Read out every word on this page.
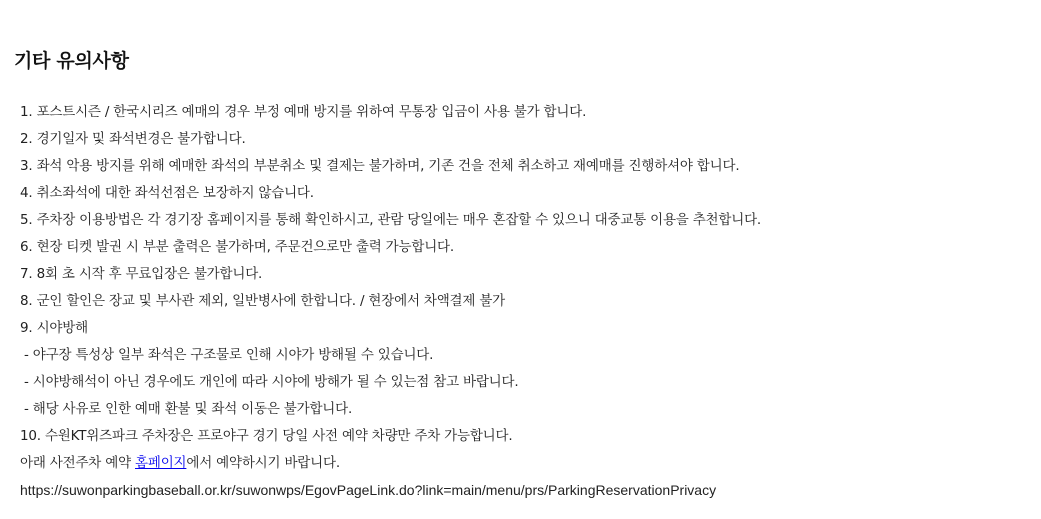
기타 유의사항
1. 포스트시즌 / 한국시리즈 예매의 경우 부정 예매 방지를 위하여 무통장 입금이 사용 불가 합니다.
2. 경기일자 및 좌석변경은 불가합니다.
3. 좌석 악용 방지를 위해 예매한 좌석의 부분취소 및 결제는 불가하며, 기존 건을 전체 취소하고 재예매를 진행하셔야 합니다.
4. 취소좌석에 대한 좌석선점은 보장하지 않습니다.
5. 주차장 이용방법은 각 경기장 홈페이지를 통해 확인하시고, 관람 당일에는 매우 혼잡할 수 있으니 대중교통 이용을 추천합니다.
6. 현장 티켓 발권 시 부분 출력은 불가하며, 주문건으로만 출력 가능합니다.
7. 8회 초 시작 후 무료입장은 불가합니다.
8. 군인 할인은 장교 및 부사관 제외, 일반병사에 한합니다. / 현장에서 차액결제 불가
9. 시야방해
- 야구장 특성상 일부 좌석은 구조물로 인해 시야가 방해될 수 있습니다.
- 시야방해석이 아닌 경우에도 개인에 따라 시야에 방해가 될 수 있는점 참고 바랍니다.
- 해당 사유로 인한 예매 환불 및 좌석 이동은 불가합니다.
10. 수원KT위즈파크 주차장은 프로야구 경기 당일 사전 예약 차량만 주차 가능합니다.
아래 사전주차 예약 홈페이지에서 예약하시기 바랍니다.
https://suwonparkingbaseball.or.kr/suwonwps/EgovPageLink.do?link=main/menu/prs/ParkingReservationPrivacy
